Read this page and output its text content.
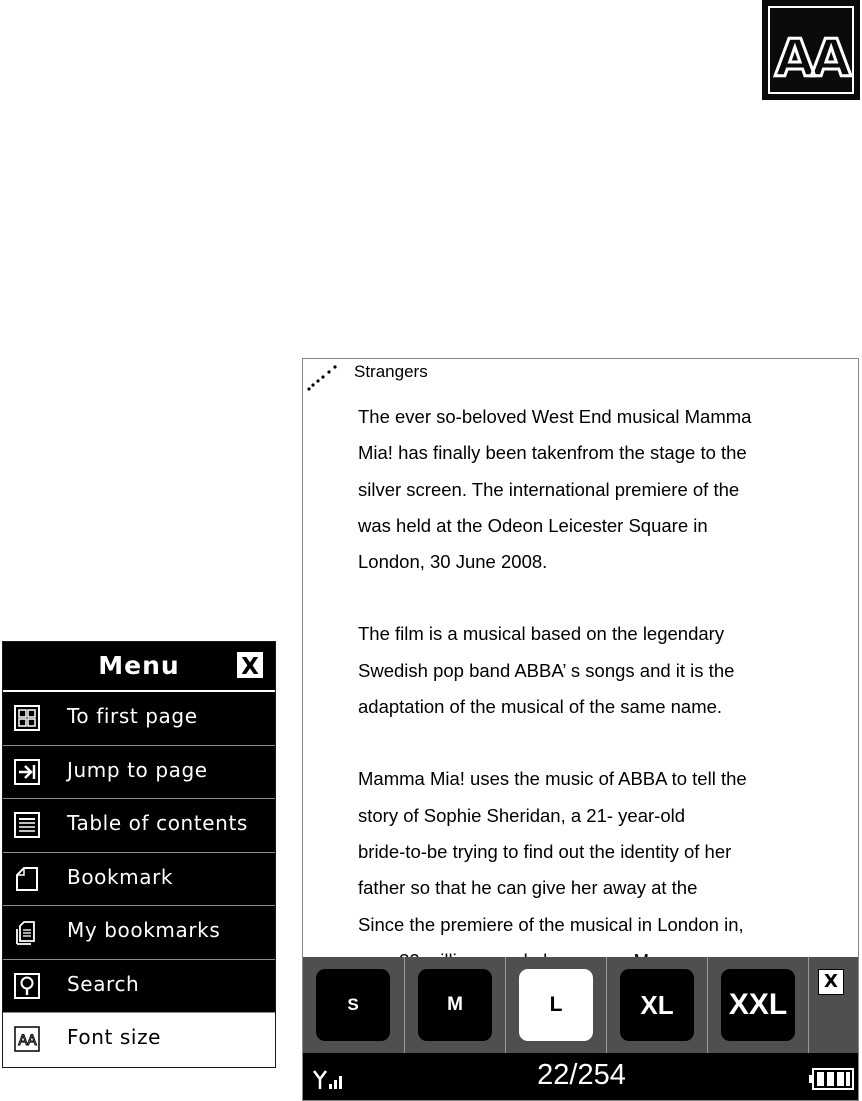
AA
Menu	X
To first page
Jump to page
Table of contents
Bookmark
My bookmarks
Search
AA Font size
Strangers

The ever so-beloved West End musical Mamma
Mia! has finally been takenfrom the stage to the
silver screen. The international premiere of the
was held at the Odeon Leicester Square in
London, 30 June 2008.

The film is a musical based on the legendary
Swedish pop band ABBA’ s songs and it is the
adaptation of the musical of the same name.

Mamma Mia! uses the music of ABBA to tell the
story of Sophie Sheridan, a 21- year-old
bride-to-be trying to find out the identity of her
father so that he can give her away at the
Since the premiere of the musical in London in,

S	M	L	XL	XXL
X
22/254
